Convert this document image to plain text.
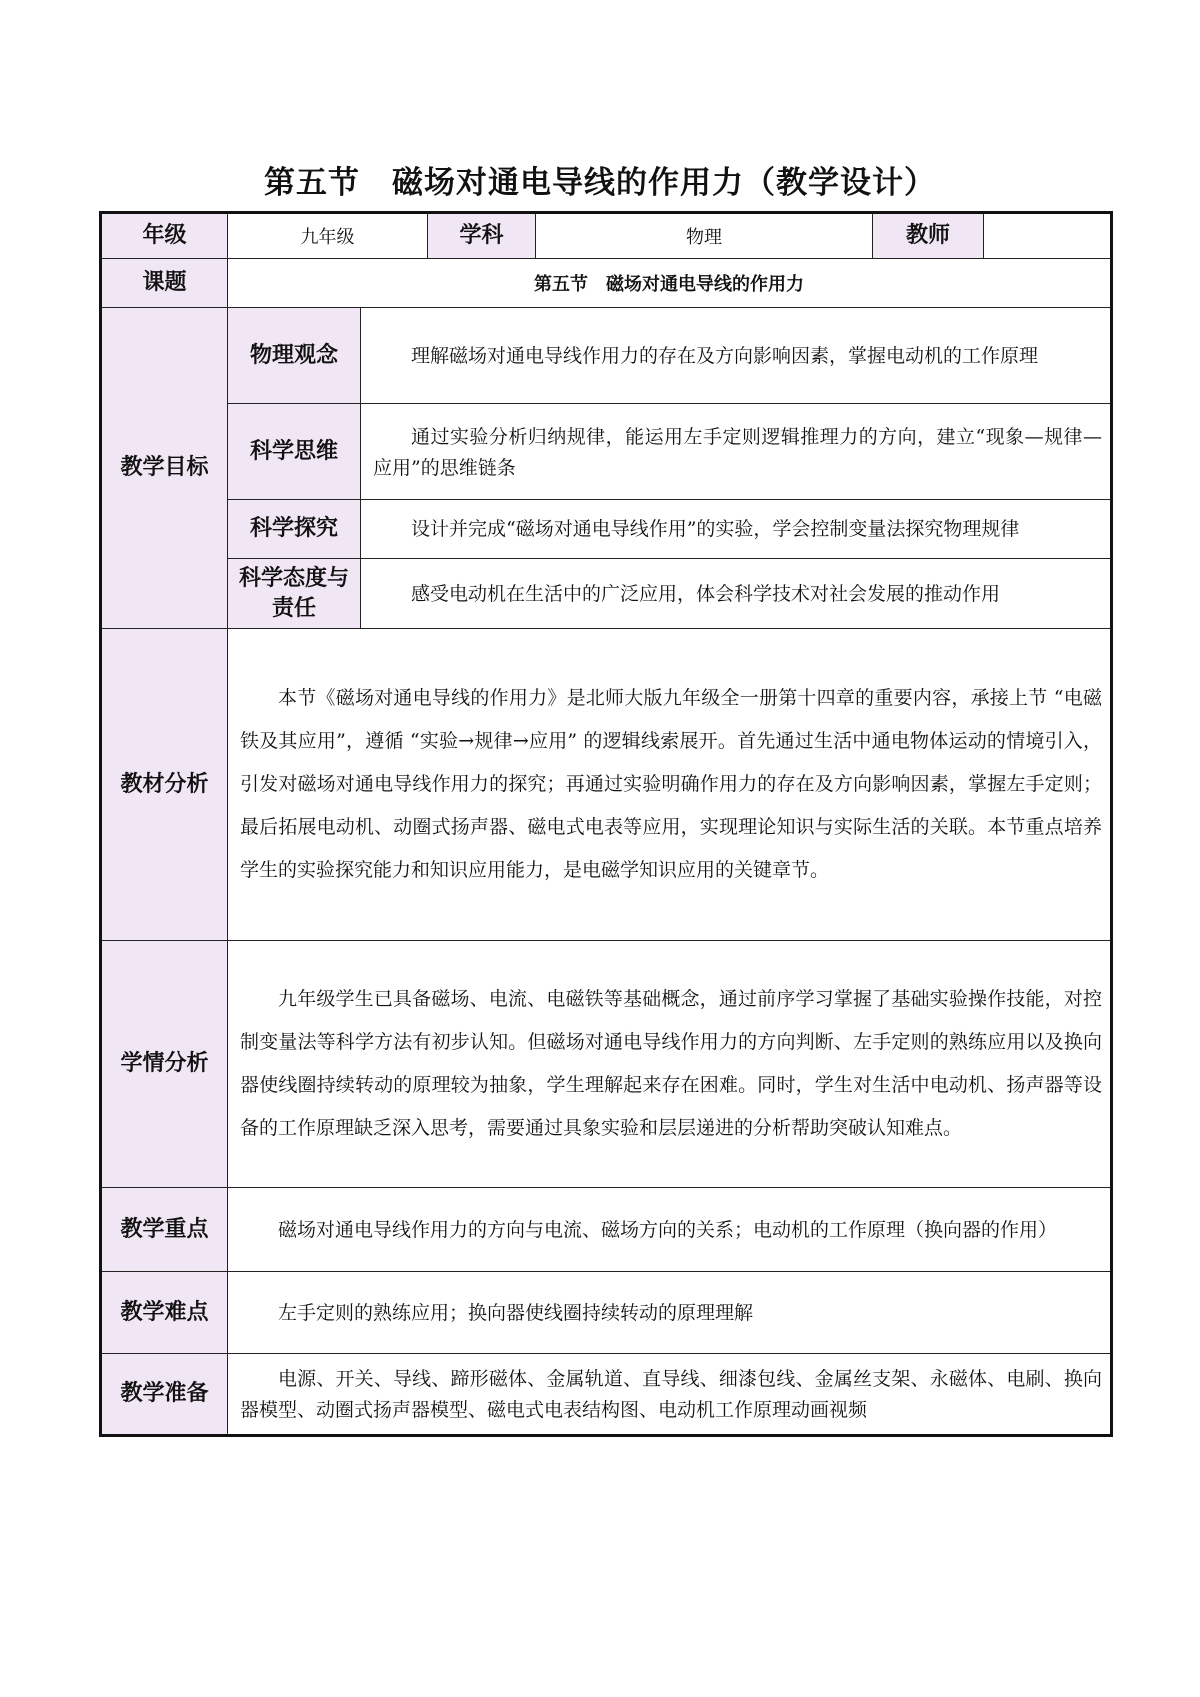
第五节　磁场对通电导线的作用力（教学设计）
年级	九年级		学科	物理	教师	
课题	第五节　磁场对通电导线的作用力					
教学目标	物理观念	理解磁场对通电导线作用力的存在及方向影响因素，掌握电动机的工作原理				
	科学思维	通过实验分析归纳规律，能运用左手定则逻辑推理力的方向，建立“现象—规律—应用”的思维链条				
	科学探究	设计并完成“磁场对通电导线作用”的实验，学会控制变量法探究物理规律				
	科学态度与责任	感受电动机在生活中的广泛应用，体会科学技术对社会发展的推动作用				
教材分析	本节《磁场对通电导线的作用力》是北师大版九年级全一册第十四章的重要内容，承接上节 “电磁铁及其应用”，遵循 “实验→规律→应用” 的逻辑线索展开。首先通过生活中通电物体运动的情境引入，引发对磁场对通电导线作用力的探究；再通过实验明确作用力的存在及方向影响因素，掌握左手定则；最后拓展电动机、动圈式扬声器、磁电式电表等应用，实现理论知识与实际生活的关联。本节重点培养学生的实验探究能力和知识应用能力，是电磁学知识应用的关键章节。					
学情分析	九年级学生已具备磁场、电流、电磁铁等基础概念，通过前序学习掌握了基础实验操作技能，对控制变量法等科学方法有初步认知。但磁场对通电导线作用力的方向判断、左手定则的熟练应用以及换向器使线圈持续转动的原理较为抽象，学生理解起来存在困难。同时，学生对生活中电动机、扬声器等设备的工作原理缺乏深入思考，需要通过具象实验和层层递进的分析帮助突破认知难点。					
教学重点	磁场对通电导线作用力的方向与电流、磁场方向的关系；电动机的工作原理（换向器的作用）					
教学难点	左手定则的熟练应用；换向器使线圈持续转动的原理理解					
教学准备	电源、开关、导线、蹄形磁体、金属轨道、直导线、细漆包线、金属丝支架、永磁体、电刷、换向器模型、动圈式扬声器模型、磁电式电表结构图、电动机工作原理动画视频					
